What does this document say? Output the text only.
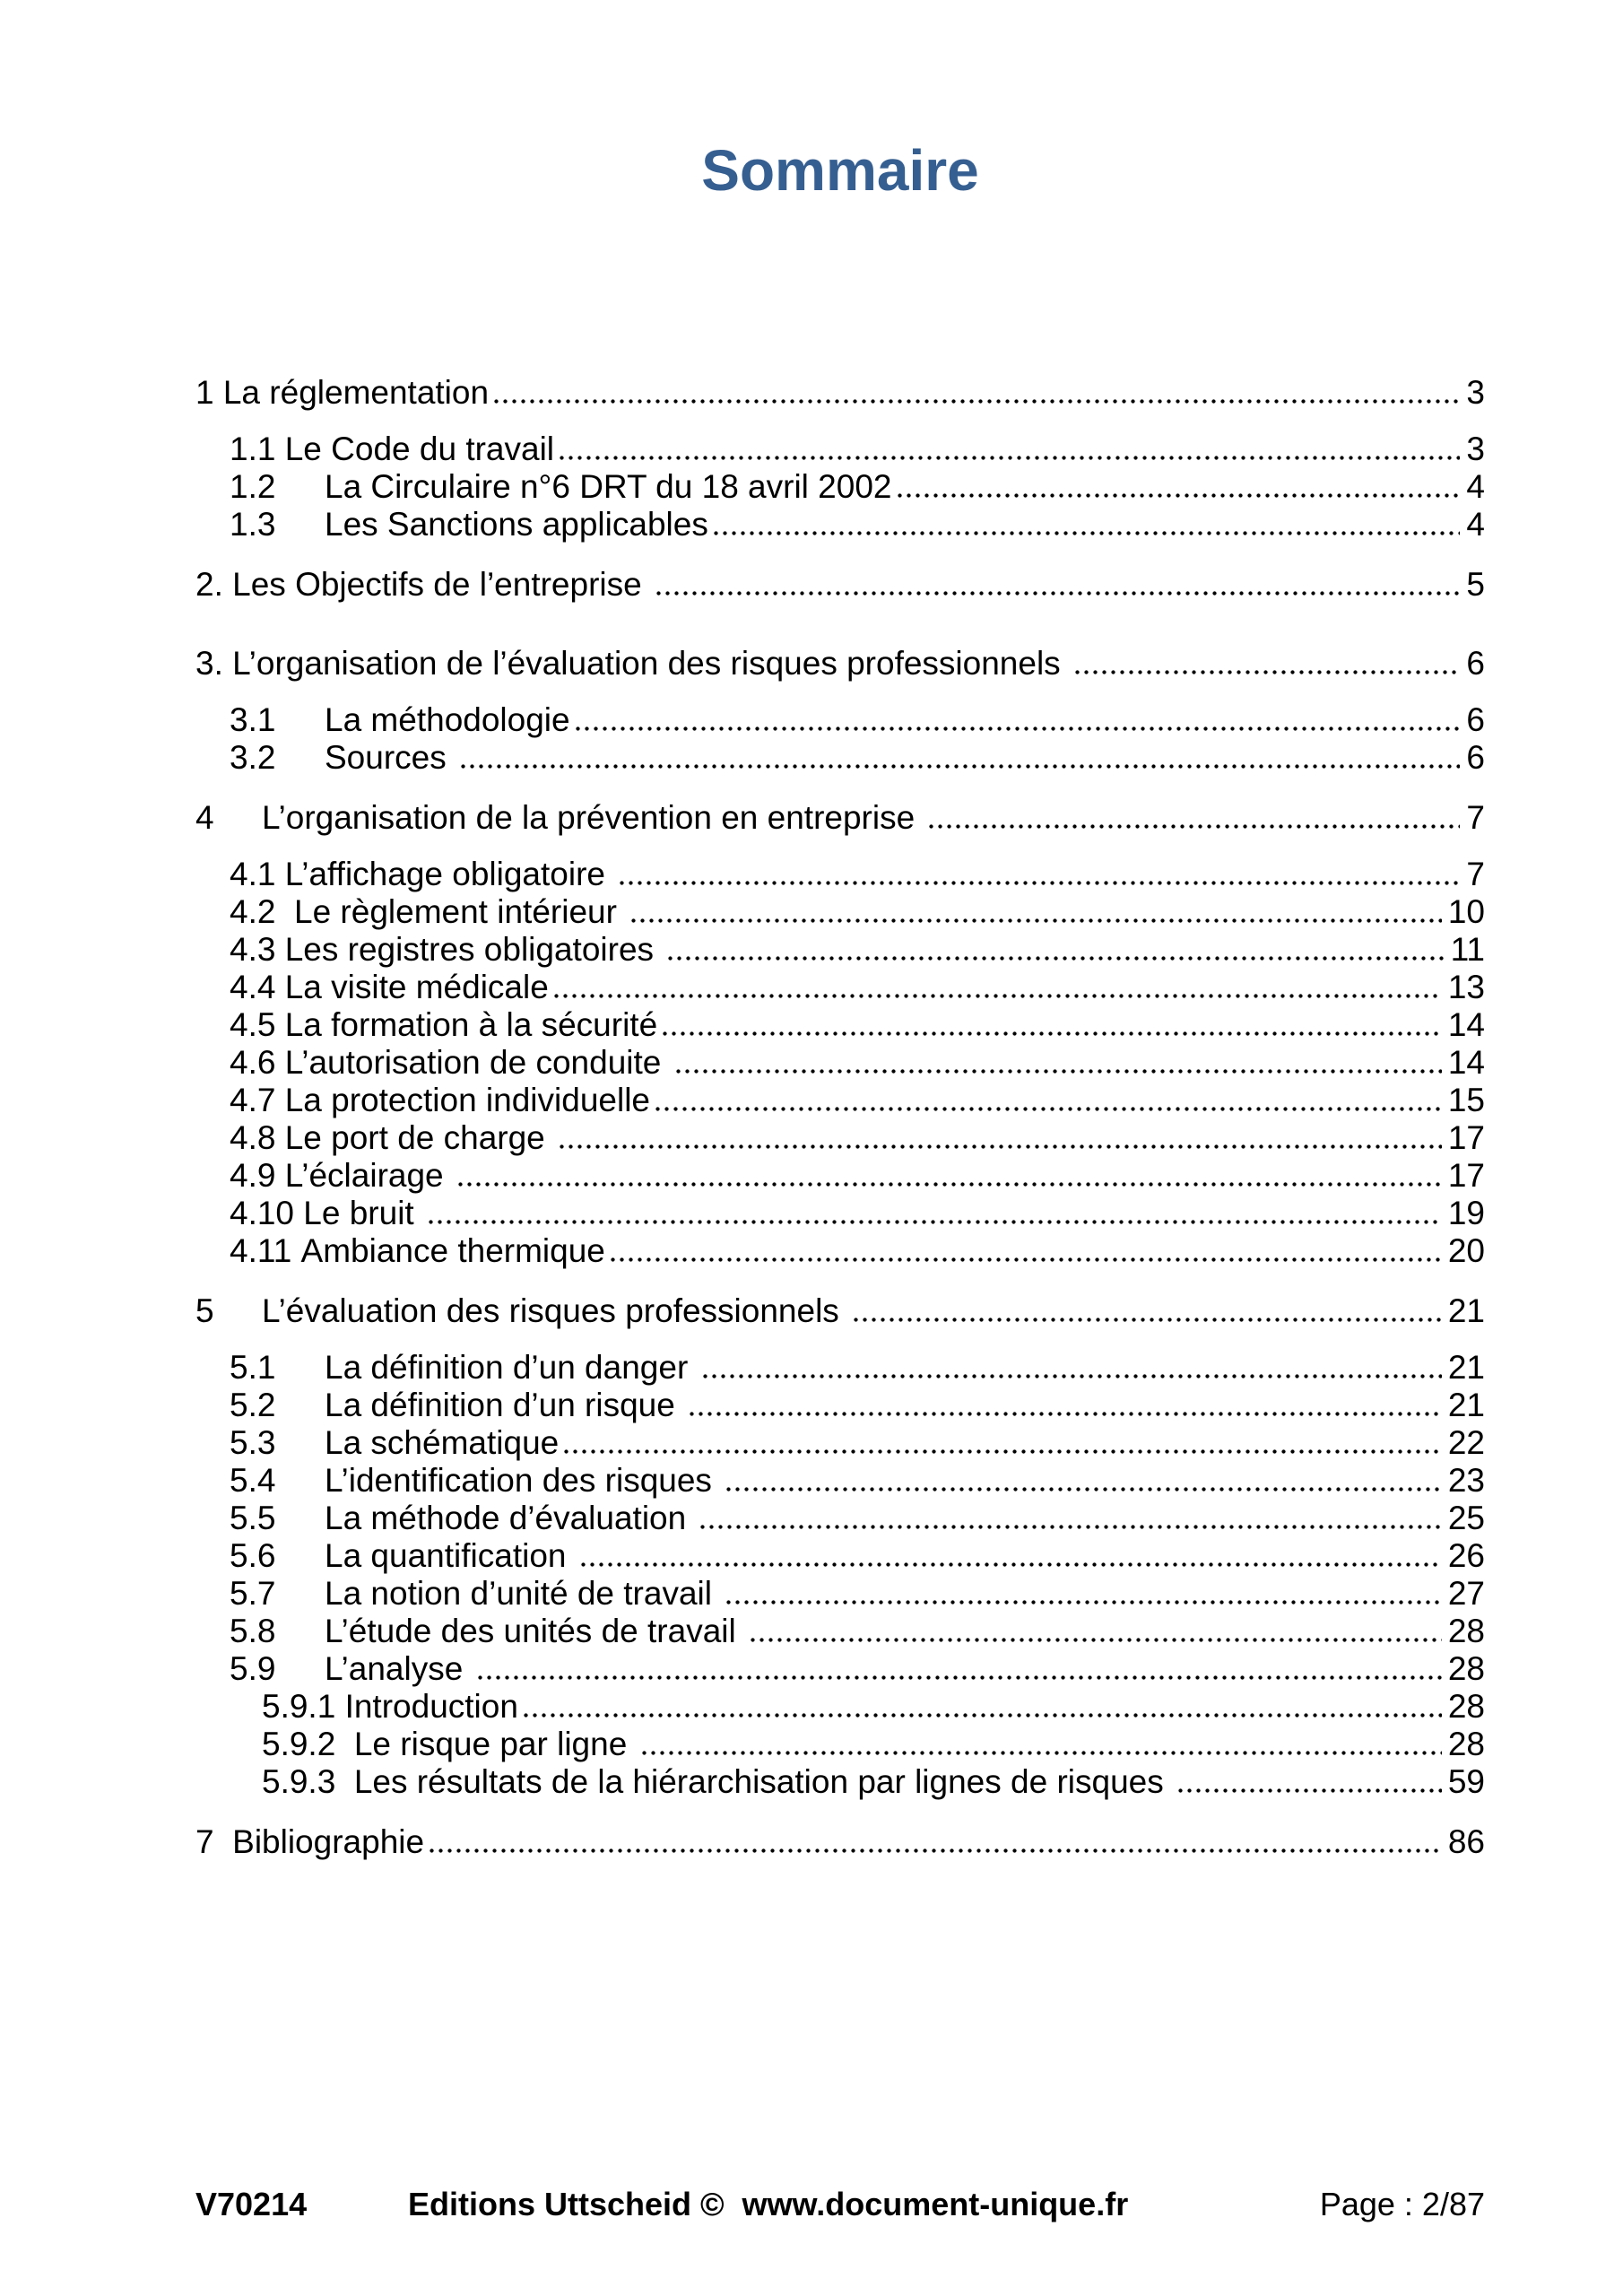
Sommaire
1 La réglementation	3
1.1 Le Code du travail	3
1.2	La Circulaire n°6 DRT du 18 avril 2002	4
1.3	Les Sanctions applicables	4
2. Les Objectifs de l’entreprise	5
3. L’organisation de l’évaluation des risques professionnels	6
3.1	La méthodologie	6
3.2	Sources	6
4	L’organisation de la prévention en entreprise	7
4.1 L’affichage obligatoire	7
4.2 Le règlement intérieur	10
4.3 Les registres obligatoires	11
4.4 La visite médicale	13
4.5 La formation à la sécurité	14
4.6 L’autorisation de conduite	14
4.7 La protection individuelle	15
4.8 Le port de charge	17
4.9 L’éclairage	17
4.10 Le bruit	19
4.11 Ambiance thermique	20
5	L’évaluation des risques professionnels	21
5.1	La définition d’un danger	21
5.2	La définition d’un risque	21
5.3	La schématique	22
5.4	L’identification des risques	23
5.5	La méthode d’évaluation	25
5.6	La quantification	26
5.7	La notion d’unité de travail	27
5.8	L’étude des unités de travail	28
5.9	L’analyse	28
5.9.1 Introduction	28
5.9.2 Le risque par ligne	28
5.9.3 Les résultats de la hiérarchisation par lignes de risques	59
7 Bibliographie	86
V70214	Editions Uttscheid ©  www.document-unique.fr	Page : 2/87
